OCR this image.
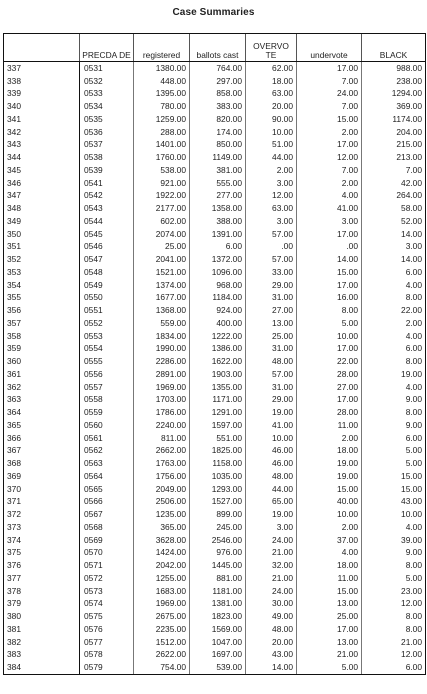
Case Summaries
	PRECDA DE	registered	ballots cast	OVERVO TE	undervote	BLACK
337	0531	1380.00	764.00	62.00	17.00	988.00
338	0532	448.00	297.00	18.00	7.00	238.00
339	0533	1395.00	858.00	63.00	24.00	1294.00
340	0534	780.00	383.00	20.00	7.00	369.00
341	0535	1259.00	820.00	90.00	15.00	1174.00
342	0536	288.00	174.00	10.00	2.00	204.00
343	0537	1401.00	850.00	51.00	17.00	215.00
344	0538	1760.00	1149.00	44.00	12.00	213.00
345	0539	538.00	381.00	2.00	7.00	7.00
346	0541	921.00	555.00	3.00	2.00	42.00
347	0542	1922.00	277.00	12.00	4.00	264.00
348	0543	2177.00	1358.00	63.00	41.00	58.00
349	0544	602.00	388.00	3.00	3.00	52.00
350	0545	2074.00	1391.00	57.00	17.00	14.00
351	0546	25.00	6.00	.00	.00	3.00
352	0547	2041.00	1372.00	57.00	14.00	14.00
353	0548	1521.00	1096.00	33.00	15.00	6.00
354	0549	1374.00	968.00	29.00	17.00	4.00
355	0550	1677.00	1184.00	31.00	16.00	8.00
356	0551	1368.00	924.00	27.00	8.00	22.00
357	0552	559.00	400.00	13.00	5.00	2.00
358	0553	1834.00	1222.00	25.00	10.00	4.00
359	0554	1990.00	1386.00	31.00	17.00	6.00
360	0555	2286.00	1622.00	48.00	22.00	8.00
361	0556	2891.00	1903.00	57.00	28.00	19.00
362	0557	1969.00	1355.00	31.00	27.00	4.00
363	0558	1703.00	1171.00	29.00	17.00	9.00
364	0559	1786.00	1291.00	19.00	28.00	8.00
365	0560	2240.00	1597.00	41.00	11.00	9.00
366	0561	811.00	551.00	10.00	2.00	6.00
367	0562	2662.00	1825.00	46.00	18.00	5.00
368	0563	1763.00	1158.00	46.00	19.00	5.00
369	0564	1756.00	1035.00	48.00	19.00	15.00
370	0565	2049.00	1293.00	44.00	15.00	15.00
371	0566	2506.00	1527.00	65.00	40.00	43.00
372	0567	1235.00	899.00	19.00	10.00	10.00
373	0568	365.00	245.00	3.00	2.00	4.00
374	0569	3628.00	2546.00	24.00	37.00	39.00
375	0570	1424.00	976.00	21.00	4.00	9.00
376	0571	2042.00	1445.00	32.00	18.00	8.00
377	0572	1255.00	881.00	21.00	11.00	5.00
378	0573	1683.00	1181.00	24.00	15.00	23.00
379	0574	1969.00	1381.00	30.00	13.00	12.00
380	0575	2675.00	1823.00	49.00	25.00	8.00
381	0576	2235.00	1569.00	48.00	17.00	8.00
382	0577	1512.00	1047.00	20.00	13.00	21.00
383	0578	2622.00	1697.00	43.00	21.00	12.00
384	0579	754.00	539.00	14.00	5.00	6.00
